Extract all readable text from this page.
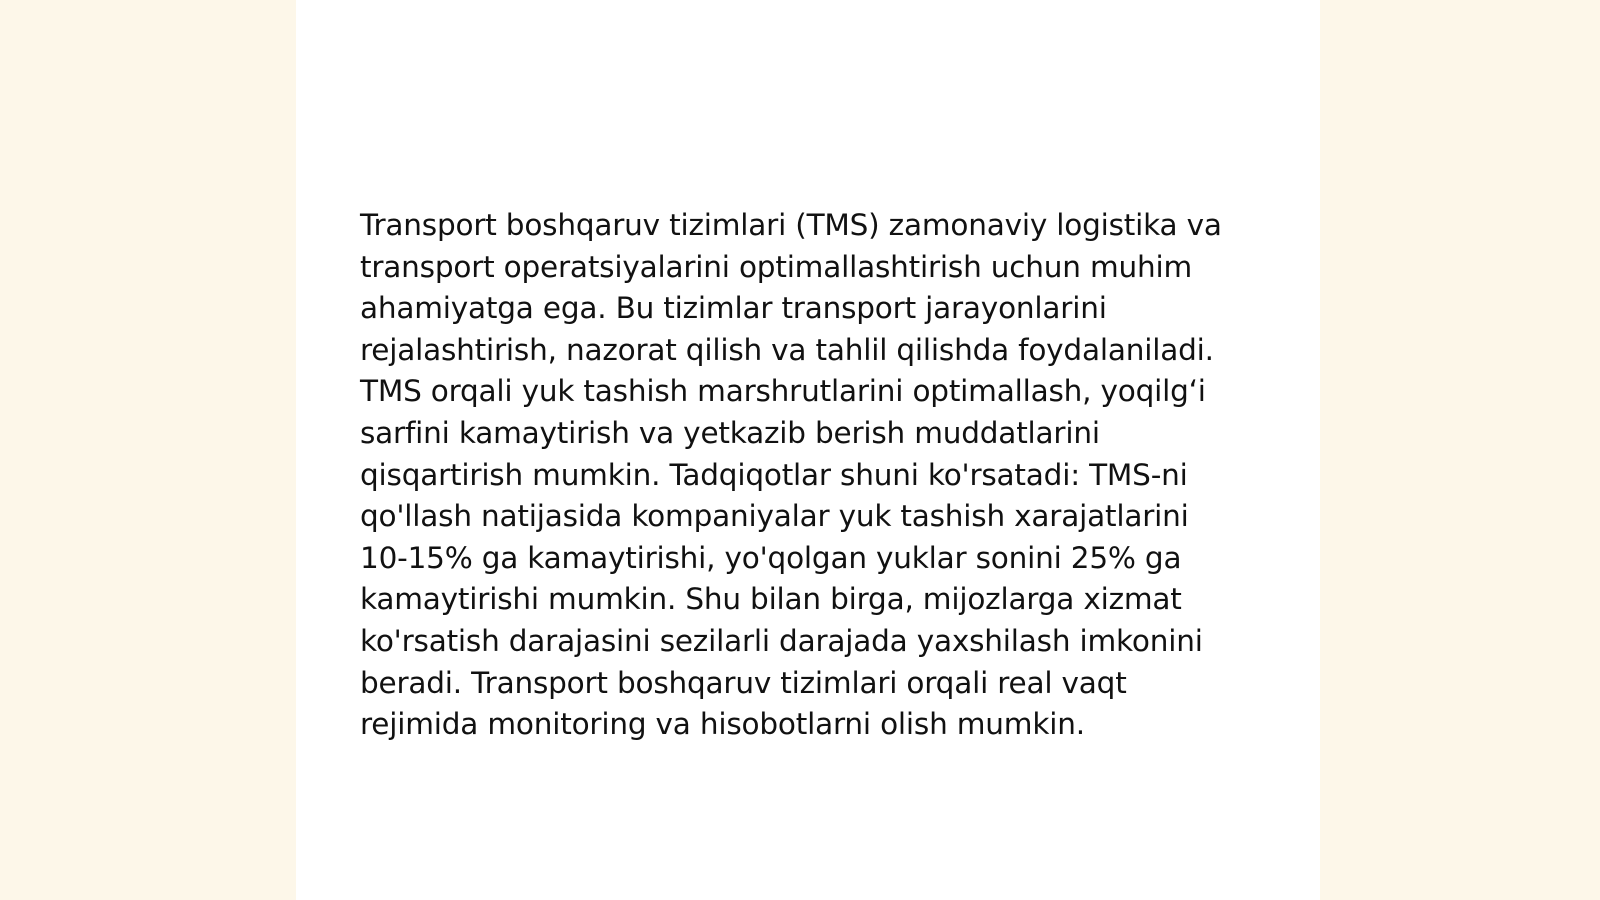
Transport boshqaruv tizimlari (TMS) zamonaviy logistika va transport operatsiyalarini optimallashtirish uchun muhim ahamiyatga ega. Bu tizimlar transport jarayonlarini rejalashtirish, nazorat qilish va tahlil qilishda foydalaniladi. TMS orqali yuk tashish marshrutlarini optimallash, yoqilg‘i sarfini kamaytirish va yetkazib berish muddatlarini qisqartirish mumkin. Tadqiqotlar shuni ko'rsatadi: TMS-ni qo'llash natijasida kompaniyalar yuk tashish xarajatlarini 10-15% ga kamaytirishi, yo'qolgan yuklar sonini 25% ga kamaytirishi mumkin. Shu bilan birga, mijozlarga xizmat ko'rsatish darajasini sezilarli darajada yaxshilash imkonini beradi. Transport boshqaruv tizimlari orqali real vaqt rejimida monitoring va hisobotlarni olish mumkin.
